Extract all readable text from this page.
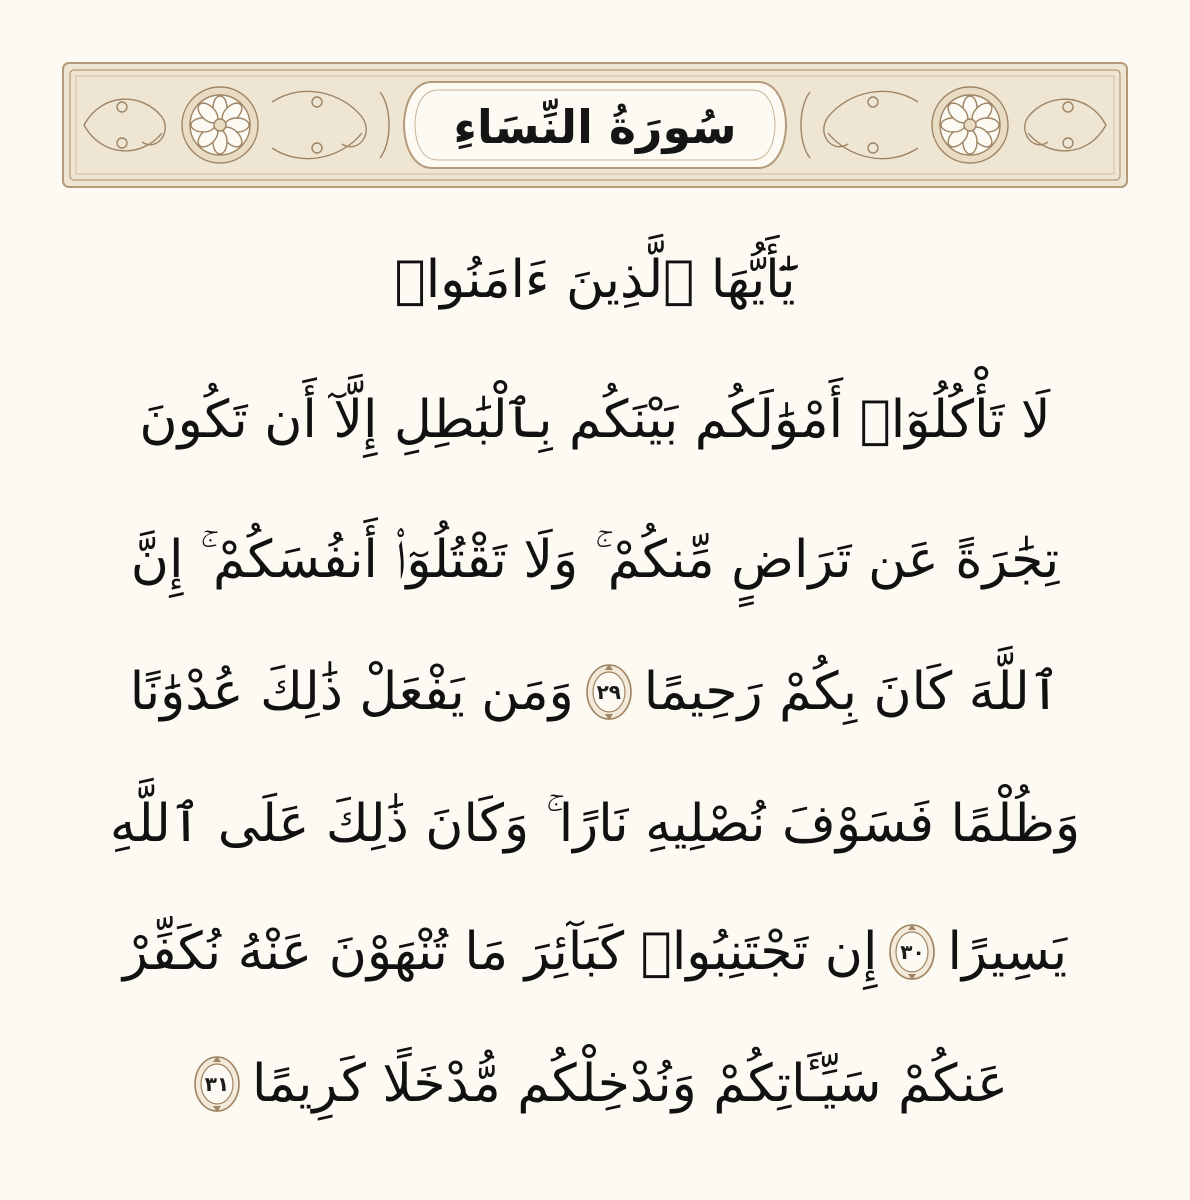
سُورَةُ النِّسَاءِ
يَٰٓأَيُّهَا ٱلَّذِينَ ءَامَنُوا۟
لَا تَأْكُلُوٓا۟ أَمْوَٰلَكُم بَيْنَكُم بِٱلْبَٰطِلِ إِلَّآ أَن تَكُونَ
تِجَٰرَةً عَن تَرَاضٍ مِّنكُمْ ۚ وَلَا تَقْتُلُوٓا۟ أَنفُسَكُمْ ۚ إِنَّ
ٱللَّهَ كَانَ بِكُمْ رَحِيمًا
٢٩
وَمَن يَفْعَلْ ذَٰلِكَ عُدْوَٰنًا
وَظُلْمًا فَسَوْفَ نُصْلِيهِ نَارًا ۚ وَكَانَ ذَٰلِكَ عَلَى ٱللَّهِ
يَسِيرًا
٣٠
إِن تَجْتَنِبُوا۟ كَبَآئِرَ مَا تُنْهَوْنَ عَنْهُ نُكَفِّرْ
عَنكُمْ سَيِّـَٔاتِكُمْ وَنُدْخِلْكُم مُّدْخَلًا كَرِيمًا
٣١
